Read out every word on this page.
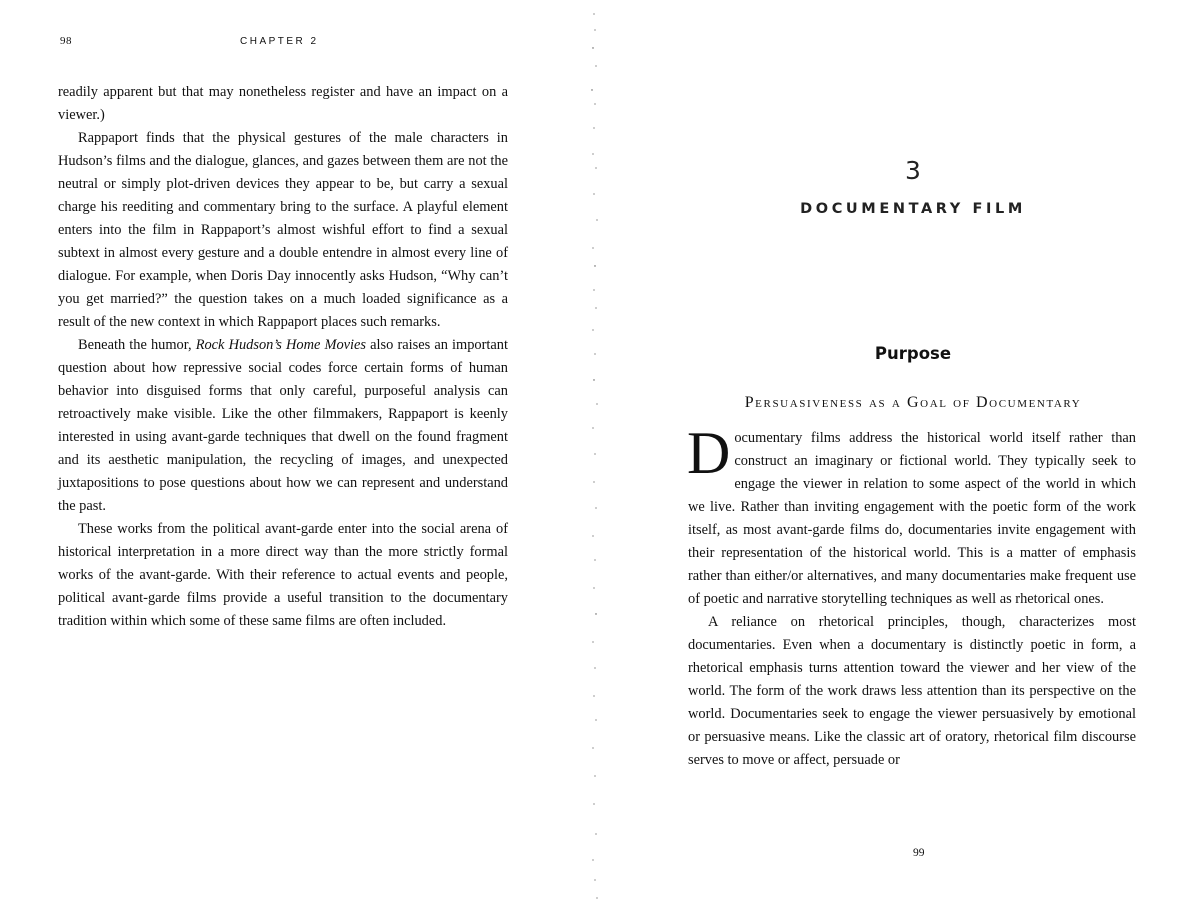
98	CHAPTER 2

readily apparent but that may nonetheless register and have an impact on a viewer.)

Rappaport finds that the physical gestures of the male characters in Hudson’s films and the dialogue, glances, and gazes between them are not the neutral or simply plot-driven devices they appear to be, but carry a sexual charge his reediting and commentary bring to the surface. A playful element enters into the film in Rappaport’s almost wishful effort to find a sexual subtext in almost every gesture and a double entendre in almost every line of dialogue. For example, when Doris Day innocently asks Hudson, “Why can’t you get married?” the question takes on a much loaded significance as a result of the new context in which Rappaport places such remarks.

Beneath the humor, Rock Hudson’s Home Movies also raises an important question about how repressive social codes force certain forms of human behavior into disguised forms that only careful, purposeful analysis can retroactively make visible. Like the other filmmakers, Rappaport is keenly interested in using avant-garde techniques that dwell on the found fragment and its aesthetic manipulation, the recycling of images, and unexpected juxtapositions to pose questions about how we can represent and understand the past.

These works from the political avant-garde enter into the social arena of historical interpretation in a more direct way than the more strictly formal works of the avant-garde. With their reference to actual events and people, political avant-garde films provide a useful transition to the documentary tradition within which some of these same films are often included.

3
DOCUMENTARY FILM
Purpose
Persuasiveness as a Goal of Documentary

Documentary films address the historical world itself rather than construct an imaginary or fictional world. They typically seek to engage the viewer in relation to some aspect of the world in which we live. Rather than inviting engagement with the poetic form of the work itself, as most avant-garde films do, documentaries invite engagement with their representation of the historical world. This is a matter of emphasis rather than either/or alternatives, and many documentaries make frequent use of poetic and narrative storytelling techniques as well as rhetorical ones.

A reliance on rhetorical principles, though, characterizes most documentaries. Even when a documentary is distinctly poetic in form, a rhetorical emphasis turns attention toward the viewer and her view of the world. The form of the work draws less attention than its perspective on the world. Documentaries seek to engage the viewer persuasively by emotional or persuasive means. Like the classic art of oratory, rhetorical film discourse serves to move or affect, persuade or

99
